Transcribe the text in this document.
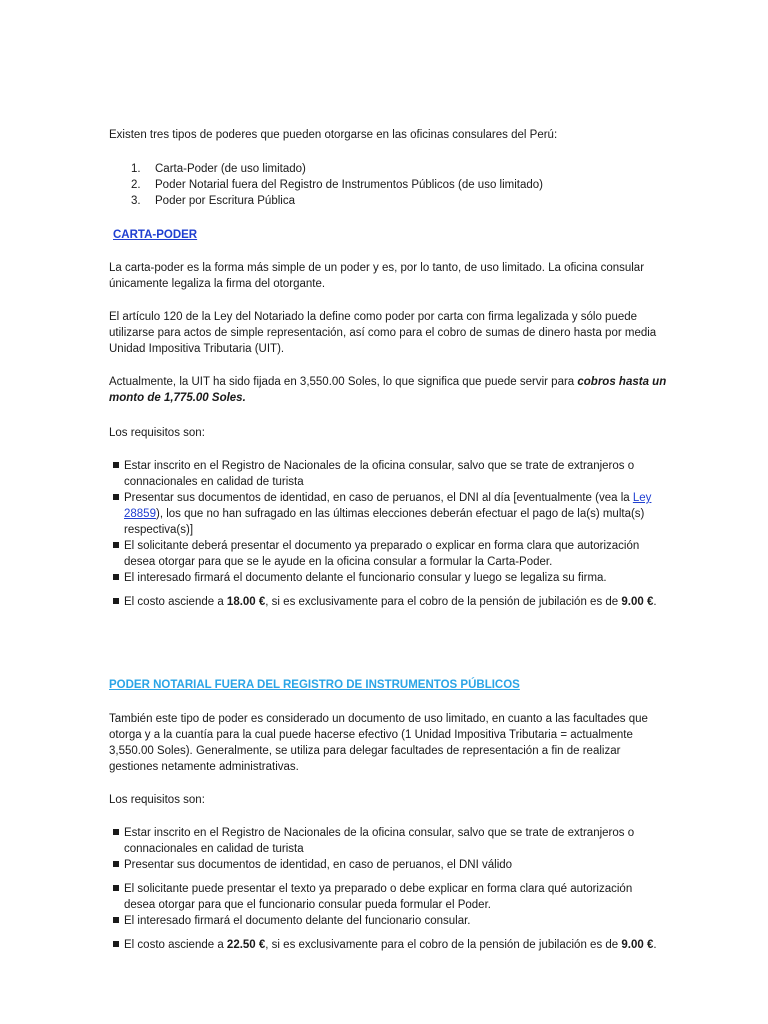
Existen tres tipos de poderes que pueden otorgarse en las oficinas consulares del Perú:

1. Carta-Poder (de uso limitado)
2. Poder Notarial fuera del Registro de Instrumentos Públicos (de uso limitado)
3. Poder por Escritura Pública

CARTA-PODER

La carta-poder es la forma más simple de un poder y es, por lo tanto, de uso limitado. La oficina consular únicamente legaliza la firma del otorgante.

El artículo 120 de la Ley del Notariado la define como poder por carta con firma legalizada y sólo puede utilizarse para actos de simple representación, así como para el cobro de sumas de dinero hasta por media Unidad Impositiva Tributaria (UIT).

Actualmente, la UIT ha sido fijada en 3,550.00 Soles, lo que significa que puede servir para cobros hasta un monto de 1,775.00 Soles.

Los requisitos son:

Estar inscrito en el Registro de Nacionales de la oficina consular, salvo que se trate de extranjeros o connacionales en calidad de turista
Presentar sus documentos de identidad, en caso de peruanos, el DNI al día [eventualmente (vea la Ley 28859), los que no han sufragado en las últimas elecciones deberán efectuar el pago de la(s) multa(s) respectiva(s)]
El solicitante deberá presentar el documento ya preparado o explicar en forma clara que autorización desea otorgar para que se le ayude en la oficina consular a formular la Carta-Poder.
El interesado firmará el documento delante el funcionario consular y luego se legaliza su firma.
El costo asciende a 18.00 €, si es exclusivamente para el cobro de la pensión de jubilación es de 9.00 €.

PODER NOTARIAL FUERA DEL REGISTRO DE INSTRUMENTOS PÚBLICOS

También este tipo de poder es considerado un documento de uso limitado, en cuanto a las facultades que otorga y a la cuantía para la cual puede hacerse efectivo (1 Unidad Impositiva Tributaria = actualmente 3,550.00 Soles). Generalmente, se utiliza para delegar facultades de representación a fin de realizar gestiones netamente administrativas.

Los requisitos son:

Estar inscrito en el Registro de Nacionales de la oficina consular, salvo que se trate de extranjeros o connacionales en calidad de turista
Presentar sus documentos de identidad, en caso de peruanos, el DNI válido
El solicitante puede presentar el texto ya preparado o debe explicar en forma clara qué autorización desea otorgar para que el funcionario consular pueda formular el Poder.
El interesado firmará el documento delante del funcionario consular.
El costo asciende a 22.50 €, si es exclusivamente para el cobro de la pensión de jubilación es de 9.00 €.
